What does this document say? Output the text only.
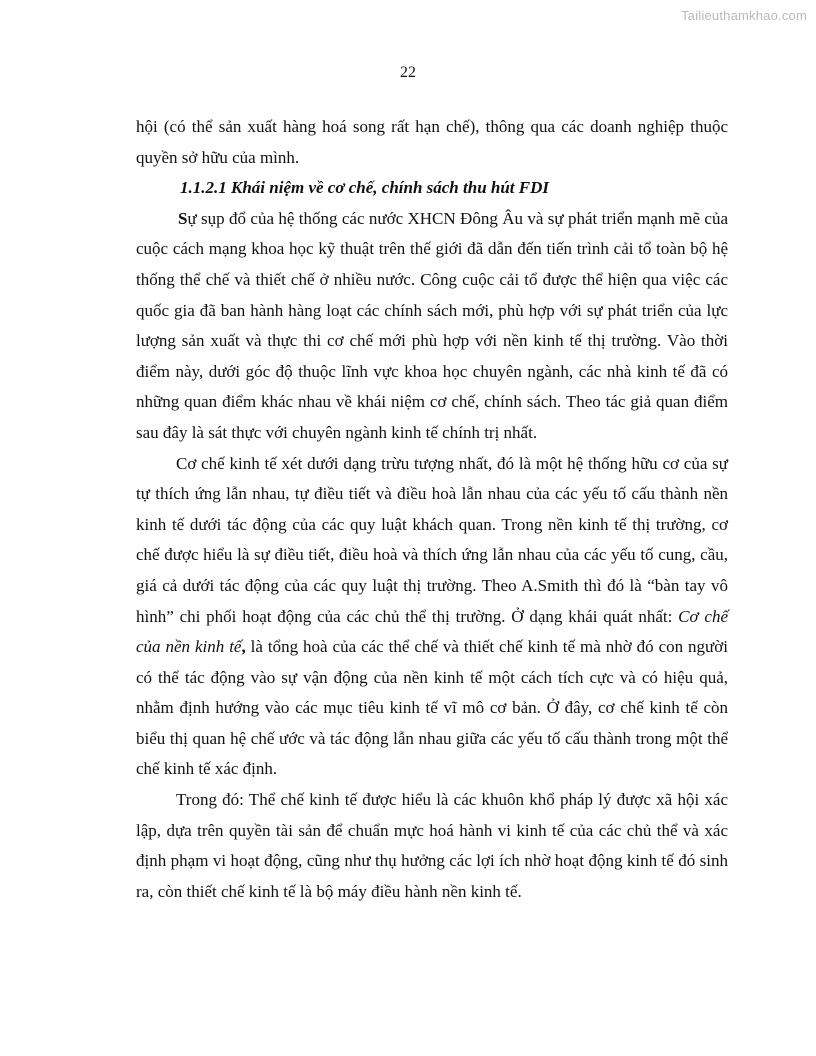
Tailieuthamkhao.com
22

hội (có thể sản xuất hàng hoá song rất hạn chế), thông qua các doanh nghiệp thuộc quyền sở hữu của mình.

1.1.2.1 Khái niệm về cơ chế, chính sách thu hút FDI

Sự sụp đổ của hệ thống các nước XHCN Đông Âu và sự phát triển mạnh mẽ của cuộc cách mạng khoa học kỹ thuật trên thế giới đã dẫn đến tiến trình cải tổ toàn bộ hệ thống thể chế và thiết chế ở nhiều nước. Công cuộc cải tổ được thể hiện qua việc các quốc gia đã ban hành hàng loạt các chính sách mới, phù hợp với sự phát triển của lực lượng sản xuất và thực thi cơ chế mới phù hợp với nền kinh tế thị trường. Vào thời điểm này, dưới góc độ thuộc lĩnh vực khoa học chuyên ngành, các nhà kinh tế đã có những quan điểm khác nhau về khái niệm cơ chế, chính sách. Theo tác giả quan điểm sau đây là sát thực với chuyên ngành kinh tế chính trị nhất.

Cơ chế kinh tế xét dưới dạng trừu tượng nhất, đó là một hệ thống hữu cơ của sự tự thích ứng lẫn nhau, tự điều tiết và điều hoà lẫn nhau của các yếu tố cấu thành nền kinh tế dưới tác động của các quy luật khách quan. Trong nền kinh tế thị trường, cơ chế được hiểu là sự điều tiết, điều hoà và thích ứng lẫn nhau của các yếu tố cung, cầu, giá cả dưới tác động của các quy luật thị trường. Theo A.Smith thì đó là “bàn tay vô hình” chi phối hoạt động của các chủ thể thị trường. Ở dạng khái quát nhất: Cơ chế của nền kinh tế, là tổng hoà của các thể chế và thiết chế kinh tế mà nhờ đó con người có thể tác động vào sự vận động của nền kinh tế một cách tích cực và có hiệu quả, nhằm định hướng vào các mục tiêu kinh tế vĩ mô cơ bản. Ở đây, cơ chế kinh tế còn biểu thị quan hệ chế ước và tác động lẫn nhau giữa các yếu tố cấu thành trong một thể chế kinh tế xác định.

Trong đó: Thể chế kinh tế được hiểu là các khuôn khổ pháp lý được xã hội xác lập, dựa trên quyền tài sản để chuẩn mực hoá hành vi kinh tế của các chủ thể và xác định phạm vi hoạt động, cũng như thụ hưởng các lợi ích nhờ hoạt động kinh tế đó sinh ra, còn thiết chế kinh tế là bộ máy điều hành nền kinh tế.
